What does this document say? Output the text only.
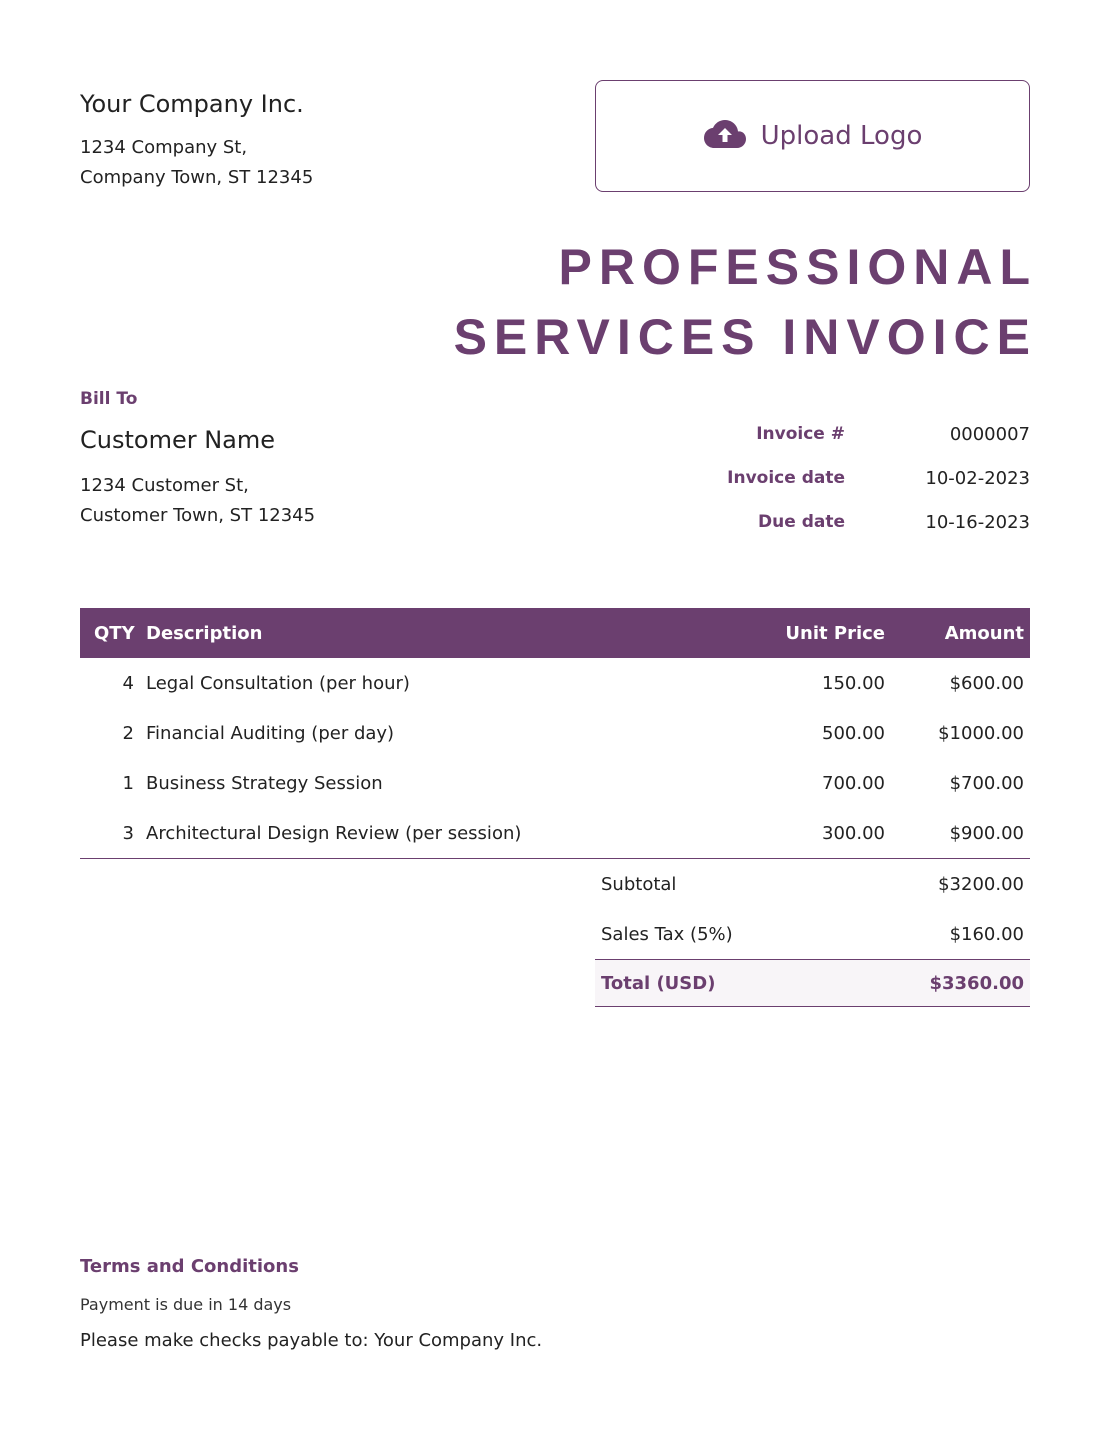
Your Company Inc.
1234 Company St,
Company Town, ST 12345
Upload Logo
PROFESSIONAL
SERVICES INVOICE
Bill To
Customer Name
1234 Customer St,
Customer Town, ST 12345
Invoice #	0000007
Invoice date	10-02-2023
Due date	10-16-2023
QTY Description	Unit Price	Amount
4 Legal Consultation (per hour)	150.00	$600.00
2 Financial Auditing (per day)	500.00	$1000.00
1 Business Strategy Session	700.00	$700.00
3 Architectural Design Review (per session)	300.00	$900.00
Subtotal	$3200.00
Sales Tax (5%)	$160.00
Total (USD)	$3360.00
Terms and Conditions
Payment is due in 14 days
Please make checks payable to: Your Company Inc.
